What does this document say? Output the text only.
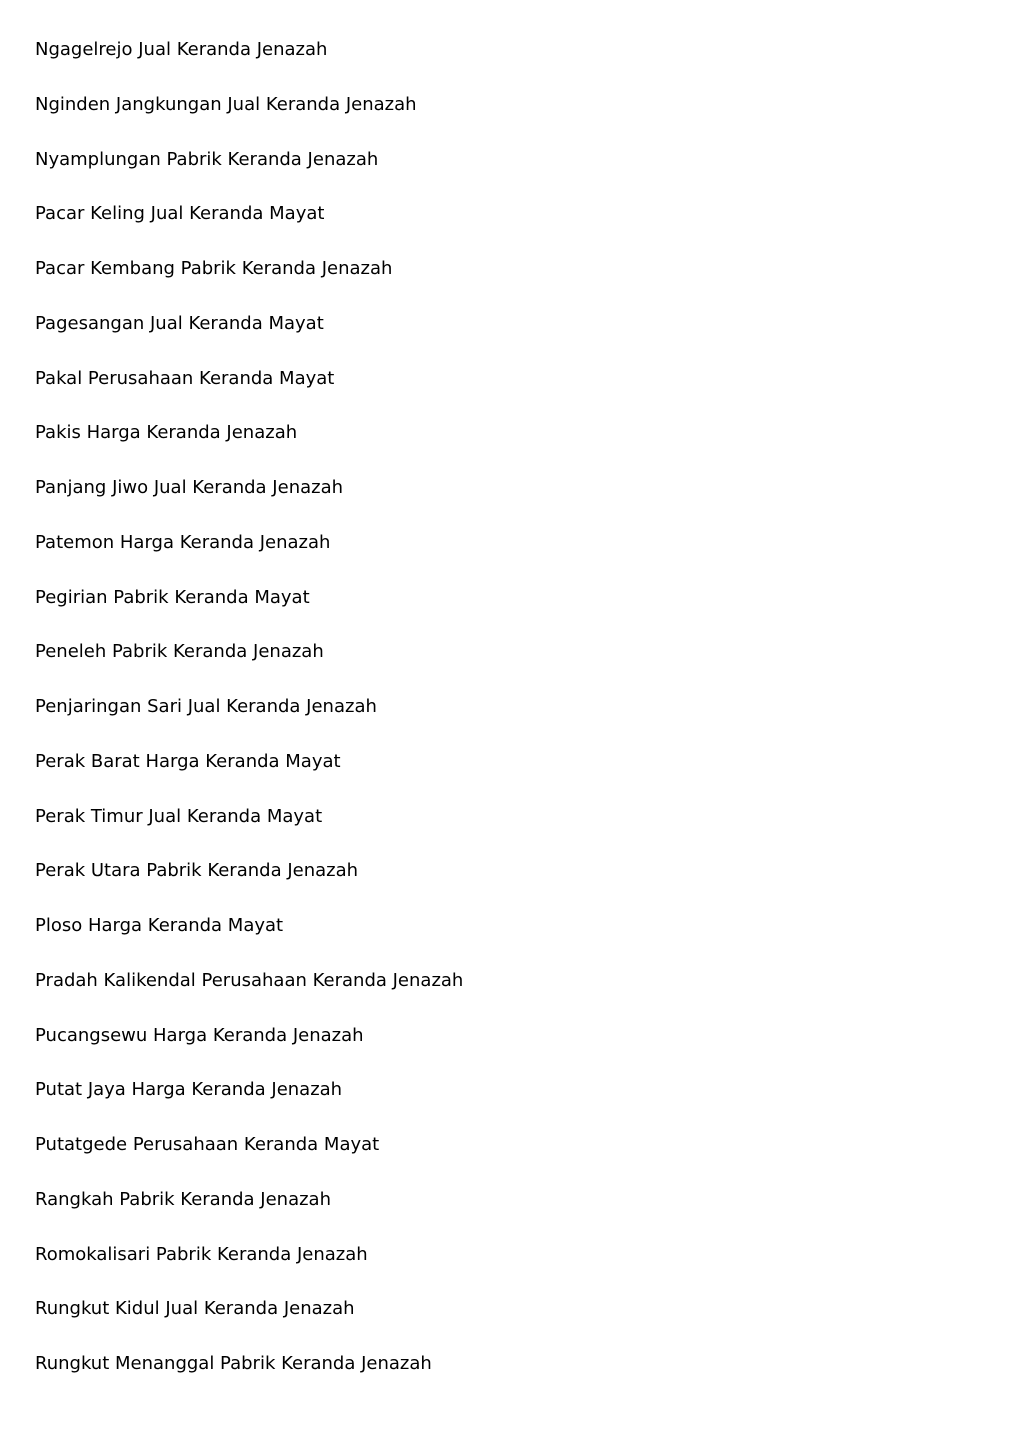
Ngagelrejo Jual Keranda Jenazah
Nginden Jangkungan Jual Keranda Jenazah
Nyamplungan Pabrik Keranda Jenazah
Pacar Keling Jual Keranda Mayat
Pacar Kembang Pabrik Keranda Jenazah
Pagesangan Jual Keranda Mayat
Pakal Perusahaan Keranda Mayat
Pakis Harga Keranda Jenazah
Panjang Jiwo Jual Keranda Jenazah
Patemon Harga Keranda Jenazah
Pegirian Pabrik Keranda Mayat
Peneleh Pabrik Keranda Jenazah
Penjaringan Sari Jual Keranda Jenazah
Perak Barat Harga Keranda Mayat
Perak Timur Jual Keranda Mayat
Perak Utara Pabrik Keranda Jenazah
Ploso Harga Keranda Mayat
Pradah Kalikendal Perusahaan Keranda Jenazah
Pucangsewu Harga Keranda Jenazah
Putat Jaya Harga Keranda Jenazah
Putatgede Perusahaan Keranda Mayat
Rangkah Pabrik Keranda Jenazah
Romokalisari Pabrik Keranda Jenazah
Rungkut Kidul Jual Keranda Jenazah
Rungkut Menanggal Pabrik Keranda Jenazah
